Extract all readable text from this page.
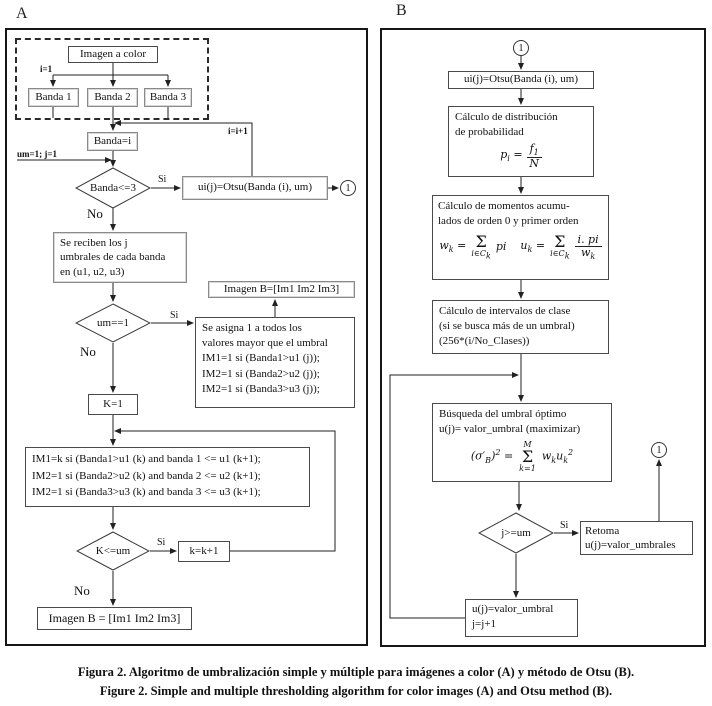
A
Imagen a color
i=1
Banda 1 Banda 2 Banda 3
Banda=i
um=1; j=1
i=i+1
Banda<=3
Si
No
ui(j)=Otsu(Banda (i), um)	1
Se reciben los j
umbrales de cada banda
en (u1, u2, u3)
um==1
Si
No
Imagen B=[Im1 Im2 Im3]
Se asigna 1 a todos los
valores mayor que el umbral
IM1=1 si (Banda1>u1 (j));
IM2=1 si (Banda2>u2 (j));
IM2=1 si (Banda3>u3 (j));
K=1
IM1=k si (Banda1>u1 (k) and banda 1 <= u1 (k+1);
IM2=1 si (Banda2>u2 (k) and banda 2 <= u2 (k+1);
IM2=1 si (Banda3>u3 (k) and banda 3 <= u3 (k+1);
K<=um
Si
No
k=k+1
Imagen B = [Im1 Im2 Im3]
B
1
ui(j)=Otsu(Banda (i), um)
Cálculo de distribución
de probabilidad
$p_i = \frac{f_1}{N}$
Cálculo de momentos acumu-
lados de orden 0 y primer orden
$w_k = \Sigma$
$i\in C_k$
pi $u_k = \Sigma$
$i\in C_k \frac{i. pi}{w_k}$
Cálculo de intervalos de clase
(si se busca más de un umbral)
(256*(i/No_Clases))
Búsqueda del umbral óptimo
u(j)= valor_umbral (maximizar)
$(\sigma'_B)^2$ =
M
Σ
k=1
$w_ku_k^2$	1
j>=um
Si Retoma
u(j)=valor_umbrales
u(j)=valor_umbral
j=j+1
Figura 2. Algoritmo de umbralización simple y múltiple para imágenes a color (A) y método de Otsu (B).
Figure 2. Simple and multiple thresholding algorithm for color images (A) and Otsu method (B).
